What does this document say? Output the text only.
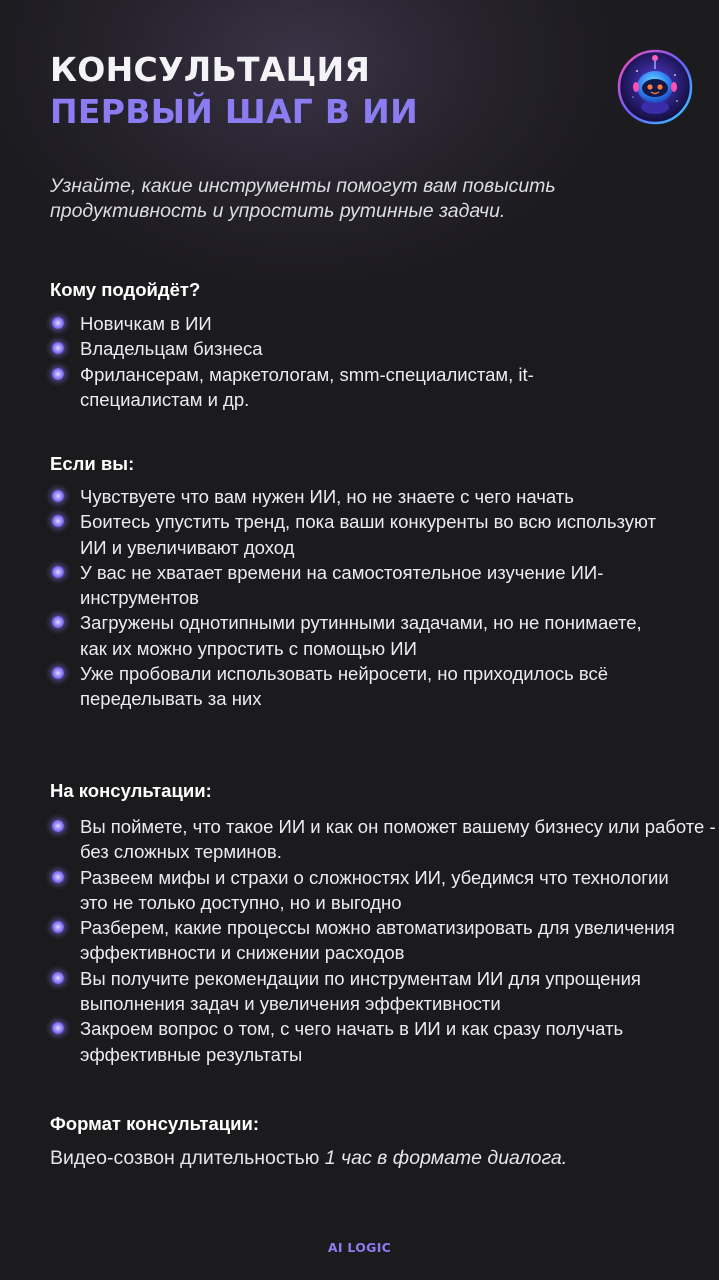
КОНСУЛЬТАЦИЯ
ПЕРВЫЙ ШАГ В ИИ
Узнайте, какие инструменты помогут вам повысить продуктивность и упростить рутинные задачи.
Кому подойдёт?
Новичкам в ИИ
Владельцам бизнеса
Фрилансерам, маркетологам, smm-специалистам, it-специалистам и др.
Если вы:
Чувствуете что вам нужен ИИ, но не знаете с чего начать
Боитесь упустить тренд, пока ваши конкуренты во всю используют ИИ и увеличивают доход
У вас не хватает времени на самостоятельное изучение ИИ-инструментов
Загружены однотипными рутинными задачами, но не понимаете, как их можно упростить с помощью ИИ
Уже пробовали использовать нейросети, но приходилось всё переделывать за них
На консультации:
Вы поймете, что такое ИИ и как он поможет вашему бизнесу или работе - без сложных терминов.
Развеем мифы и страхи о сложностях ИИ, убедимся что технологии это не только доступно, но и выгодно
Разберем, какие процессы можно автоматизировать для увеличения эффективности и снижении расходов
Вы получите рекомендации по инструментам ИИ для упрощения выполнения задач и увеличения эффективности
Закроем вопрос о том, с чего начать в ИИ и как сразу получать эффективные результаты
Формат консультации:
Видео-созвон длительностью 1 час в формате диалога.
AI LOGIC
